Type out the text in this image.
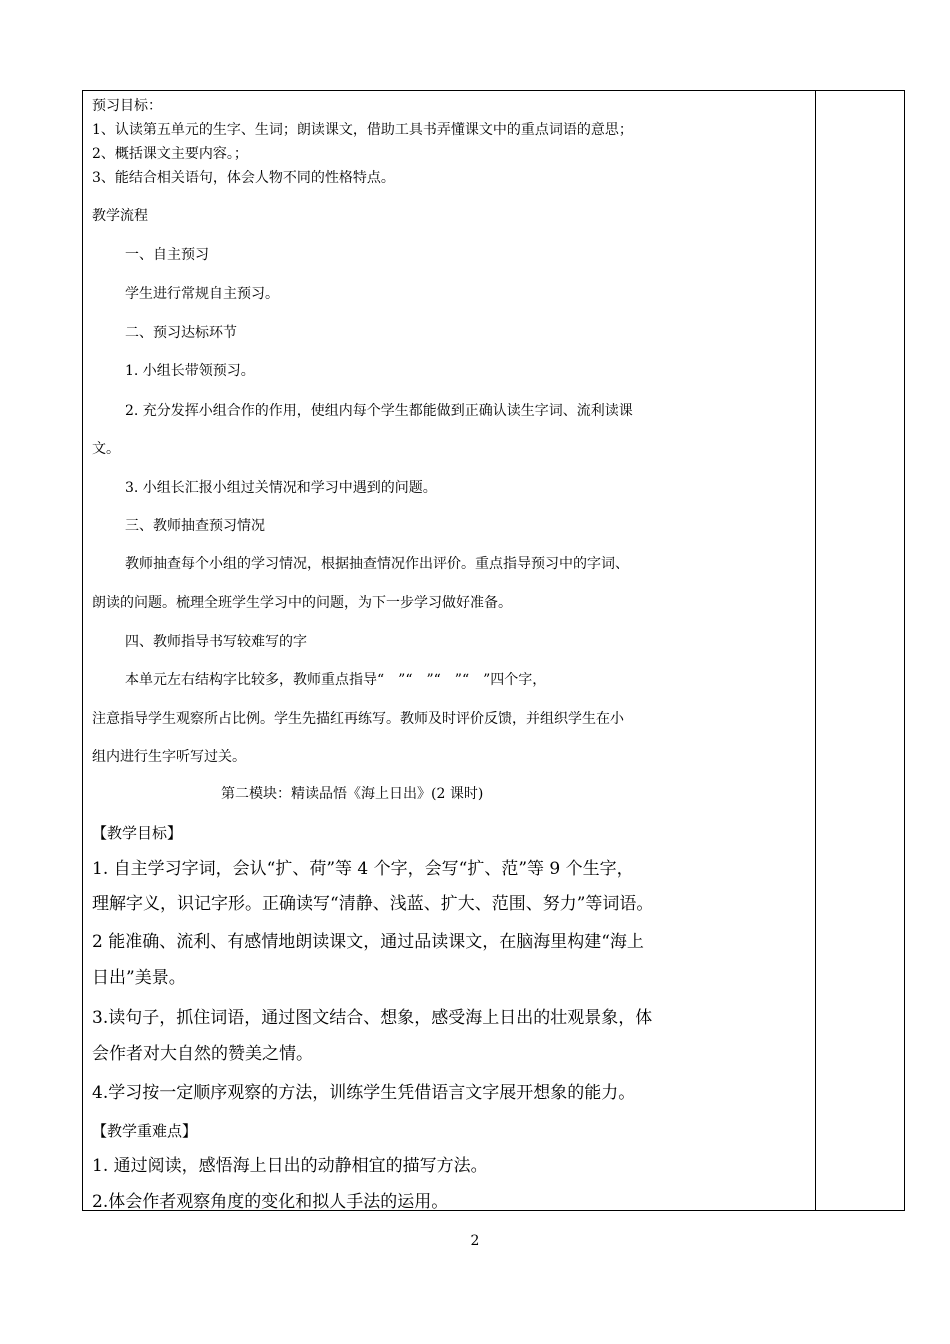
预习目标：
1、认读第五单元的生字、生词；朗读课文，借助工具书弄懂课文中的重点词语的意思；
2、概括课文主要内容。；
3、能结合相关语句，体会人物不同的性格特点。
教学流程
一、自主预习
学生进行常规自主预习。
二、预习达标环节
1. 小组长带领预习。
2. 充分发挥小组合作的作用，使组内每个学生都能做到正确认读生字词、流利读课
文。
3. 小组长汇报小组过关情况和学习中遇到的问题。
三、教师抽查预习情况
教师抽查每个小组的学习情况，根据抽查情况作出评价。重点指导预习中的字词、
朗读的问题。梳理全班学生学习中的问题，为下一步学习做好准备。
四、教师指导书写较难写的字
本单元左右结构字比较多，教师重点指导“　”“　”“　”“　”四个字，
注意指导学生观察所占比例。学生先描红再练写。教师及时评价反馈，并组织学生在小
组内进行生字听写过关。
第二模块：精读品悟《海上日出》(2 课时)
【教学目标】
1. 自主学习字词，会认“扩、荷”等 4 个字，会写“扩、范”等 9 个生字，
理解字义，识记字形。正确读写“清静、浅蓝、扩大、范围、努力”等词语。
2 能准确、流利、有感情地朗读课文，通过品读课文，在脑海里构建“海上
日出”美景。
3.读句子，抓住词语，通过图文结合、想象，感受海上日出的壮观景象，体
会作者对大自然的赞美之情。
4.学习按一定顺序观察的方法，训练学生凭借语言文字展开想象的能力。
【教学重难点】
1. 通过阅读，感悟海上日出的动静相宜的描写方法。
2.体会作者观察角度的变化和拟人手法的运用。
2
